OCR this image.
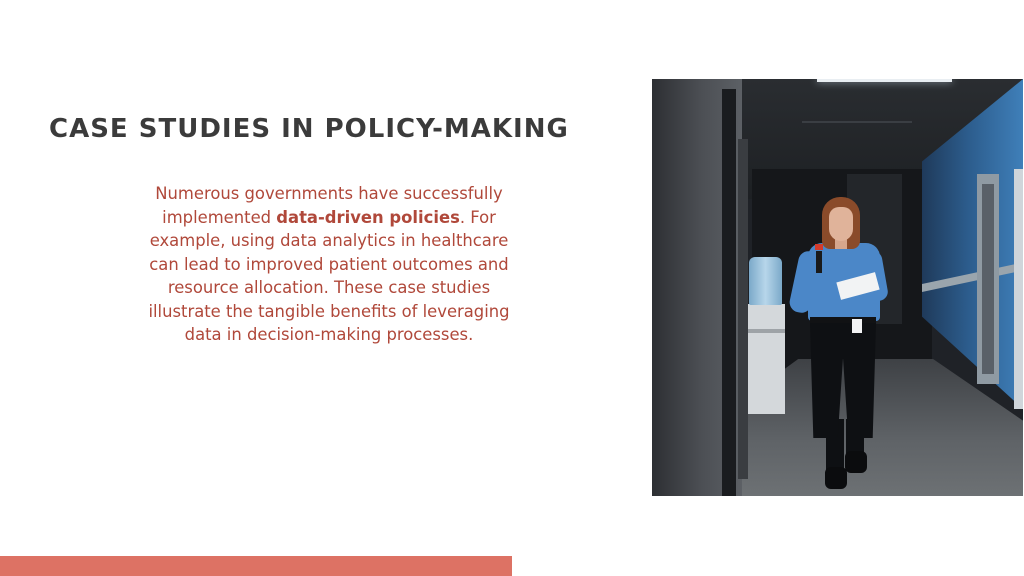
CASE STUDIES IN POLICY-MAKING

Numerous governments have successfully implemented data-driven policies. For example, using data analytics in healthcare can lead to improved patient outcomes and resource allocation. These case studies illustrate the tangible benefits of leveraging data in decision-making processes.
